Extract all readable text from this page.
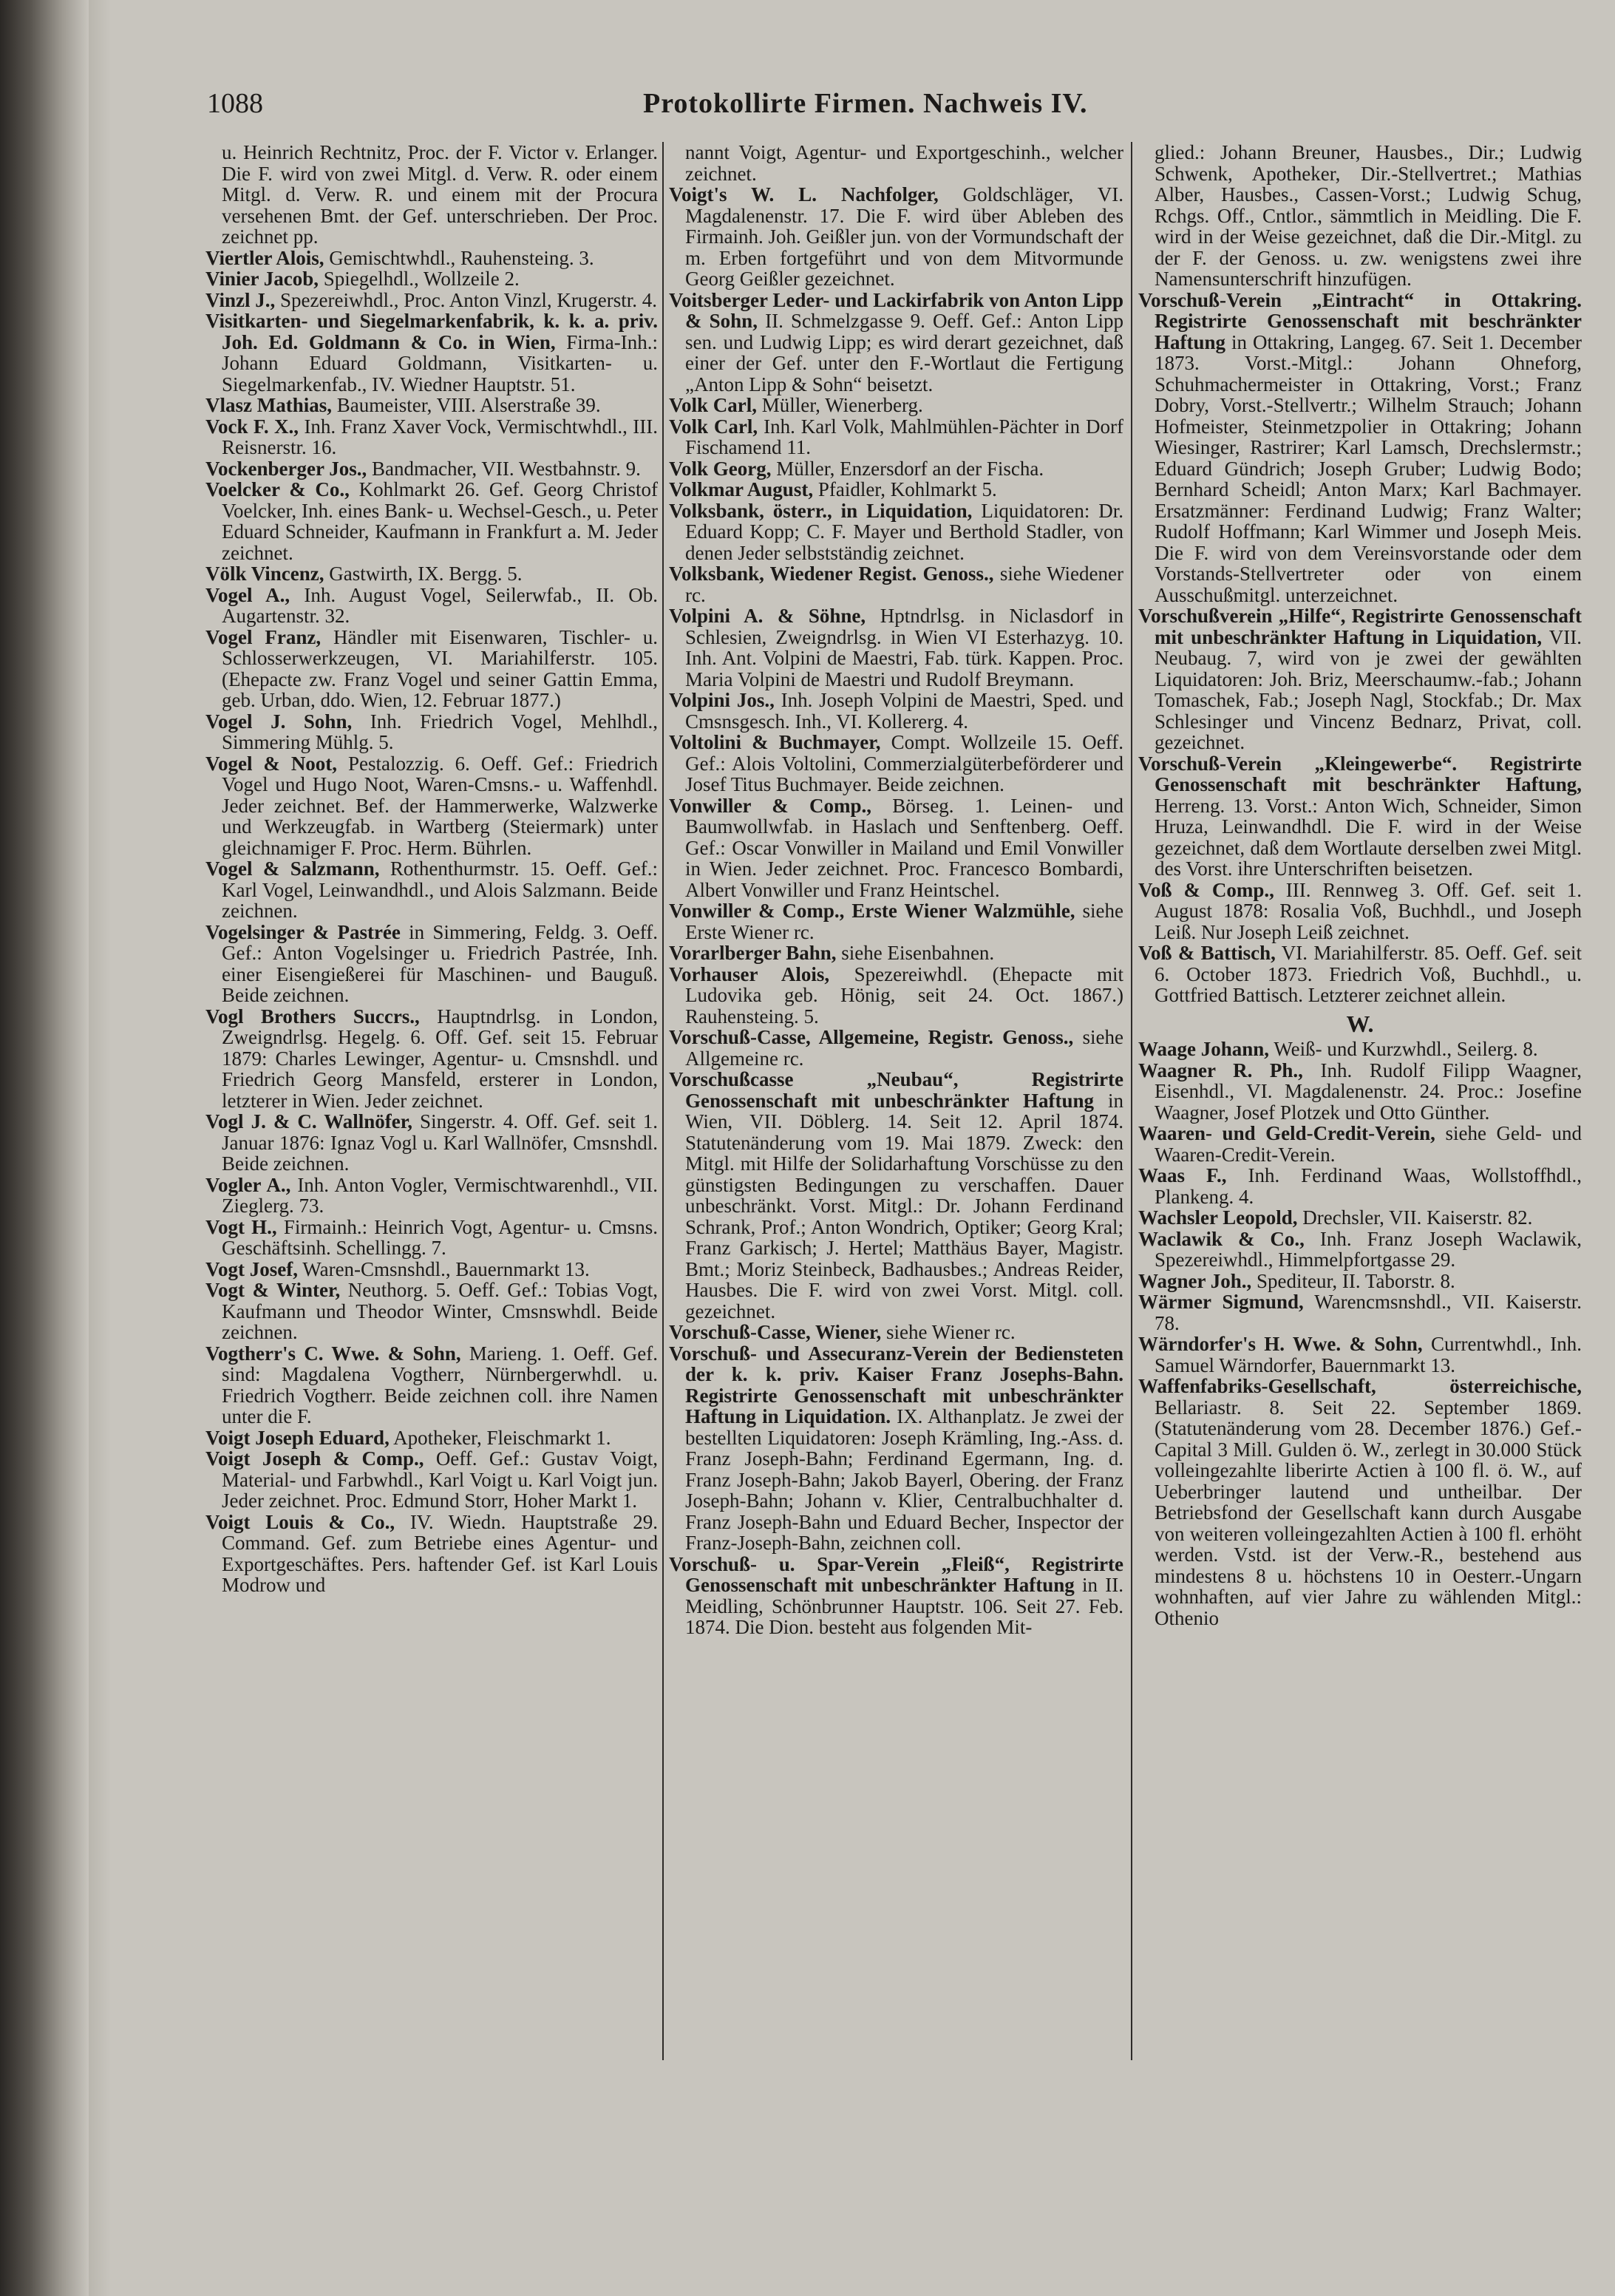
1088	Protokollirte Firmen. Nachweis IV.

u. Heinrich Rechtnitz, Proc. der F. Victor v. Erlanger. Die F. wird von zwei Mitgl. d. Verw. R. oder einem Mitgl. d. Verw. R. und einem mit der Procura versehenen Bmt. der Gef. unterschrieben. Der Proc. zeichnet pp.

Viertler Alois, Gemischtwhdl., Rauhensteing. 3.

Vinier Jacob, Spiegelhdl., Wollzeile 2.

Vinzl J., Spezereiwhdl., Proc. Anton Vinzl, Krugerstr. 4.

Visitkarten- und Siegelmarkenfabrik, k. k. a. priv. Joh. Ed. Goldmann & Co. in Wien, Firma-Inh.: Johann Eduard Goldmann, Visitkarten- u. Siegelmarkenfab., IV. Wiedner Hauptstr. 51.

Vlasz Mathias, Baumeister, VIII. Alserstraße 39.

Vock F. X., Inh. Franz Xaver Vock, Vermischtwhdl., III. Reisnerstr. 16.

Vockenberger Jos., Bandmacher, VII. Westbahnstr. 9.

Voelcker & Co., Kohlmarkt 26. Gef. Georg Christof Voelcker, Inh. eines Bank- u. Wechsel-Gesch., u. Peter Eduard Schneider, Kaufmann in Frankfurt a. M. Jeder zeichnet.

Völk Vincenz, Gastwirth, IX. Bergg. 5.

Vogel A., Inh. August Vogel, Seilerwfab., II. Ob. Augartenstr. 32.

Vogel Franz, Händler mit Eisenwaren, Tischler- u. Schlosserwerkzeugen, VI. Mariahilferstr. 105. (Ehepacte zw. Franz Vogel und seiner Gattin Emma, geb. Urban, ddo. Wien, 12. Februar 1877.)

Vogel J. Sohn, Inh. Friedrich Vogel, Mehlhdl., Simmering Mühlg. 5.

Vogel & Noot, Pestalozzig. 6. Oeff. Gef.: Friedrich Vogel und Hugo Noot, Waren-Cmsns.- u. Waffenhdl. Jeder zeichnet. Bef. der Hammerwerke, Walzwerke und Werkzeugfab. in Wartberg (Steiermark) unter gleichnamiger F. Proc. Herm. Bührlen.

Vogel & Salzmann, Rothenthurmstr. 15. Oeff. Gef.: Karl Vogel, Leinwandhdl., und Alois Salzmann. Beide zeichnen.

Vogelsinger & Pastrée in Simmering, Feldg. 3. Oeff. Gef.: Anton Vogelsinger u. Friedrich Pastrée, Inh. einer Eisengießerei für Maschinen- und Bauguß. Beide zeichnen.

Vogl Brothers Succrs., Hauptndrlsg. in London, Zweigndrlsg. Hegelg. 6. Off. Gef. seit 15. Februar 1879: Charles Lewinger, Agentur- u. Cmsnshdl. und Friedrich Georg Mansfeld, ersterer in London, letzterer in Wien. Jeder zeichnet.

Vogl J. & C. Wallnöfer, Singerstr. 4. Off. Gef. seit 1. Januar 1876: Ignaz Vogl u. Karl Wallnöfer, Cmsnshdl. Beide zeichnen.

Vogler A., Inh. Anton Vogler, Vermischtwarenhdl., VII. Zieglerg. 73.

Vogt H., Firmainh.: Heinrich Vogt, Agentur- u. Cmsns. Geschäftsinh. Schellingg. 7.

Vogt Josef, Waren-Cmsnshdl., Bauernmarkt 13.

Vogt & Winter, Neuthorg. 5. Oeff. Gef.: Tobias Vogt, Kaufmann und Theodor Winter, Cmsnswhdl. Beide zeichnen.

Vogtherr's C. Wwe. & Sohn, Marieng. 1. Oeff. Gef. sind: Magdalena Vogtherr, Nürnbergerwhdl. u. Friedrich Vogtherr. Beide zeichnen coll. ihre Namen unter die F.

Voigt Joseph Eduard, Apotheker, Fleischmarkt 1.

Voigt Joseph & Comp., Oeff. Gef.: Gustav Voigt, Material- und Farbwhdl., Karl Voigt u. Karl Voigt jun. Jeder zeichnet. Proc. Edmund Storr, Hoher Markt 1.

Voigt Louis & Co., IV. Wiedn. Hauptstraße 29. Command. Gef. zum Betriebe eines Agentur- und Exportgeschäftes. Pers. haftender Gef. ist Karl Louis Modrow und

nannt Voigt, Agentur- und Exportgeschinh., welcher zeichnet.

Voigt's W. L. Nachfolger, Goldschläger, VI. Magdalenenstr. 17. Die F. wird über Ableben des Firmainh. Joh. Geißler jun. von der Vormundschaft der m. Erben fortgeführt und von dem Mitvormunde Georg Geißler gezeichnet.

Voitsberger Leder- und Lackirfabrik von Anton Lipp & Sohn, II. Schmelzgasse 9. Oeff. Gef.: Anton Lipp sen. und Ludwig Lipp; es wird derart gezeichnet, daß einer der Gef. unter den F.-Wortlaut die Fertigung „Anton Lipp & Sohn“ beisetzt.

Volk Carl, Müller, Wienerberg.

Volk Carl, Inh. Karl Volk, Mahlmühlen-Pächter in Dorf Fischamend 11.

Volk Georg, Müller, Enzersdorf an der Fischa.

Volkmar August, Pfaidler, Kohlmarkt 5.

Volksbank, österr., in Liquidation, Liquidatoren: Dr. Eduard Kopp; C. F. Mayer und Berthold Stadler, von denen Jeder selbstständig zeichnet.

Volksbank, Wiedener Regist. Genoss., siehe Wiedener rc.

Volpini A. & Söhne, Hptndrlsg. in Niclasdorf in Schlesien, Zweigndrlsg. in Wien VI Esterhazyg. 10. Inh. Ant. Volpini de Maestri, Fab. türk. Kappen. Proc. Maria Volpini de Maestri und Rudolf Breymann.

Volpini Jos., Inh. Joseph Volpini de Maestri, Sped. und Cmsnsgesch. Inh., VI. Kollererg. 4.

Voltolini & Buchmayer, Compt. Wollzeile 15. Oeff. Gef.: Alois Voltolini, Commerzialgüterbeförderer und Josef Titus Buchmayer. Beide zeichnen.

Vonwiller & Comp., Börseg. 1. Leinen- und Baumwollwfab. in Haslach und Senftenberg. Oeff. Gef.: Oscar Vonwiller in Mailand und Emil Vonwiller in Wien. Jeder zeichnet. Proc. Francesco Bombardi, Albert Vonwiller und Franz Heintschel.

Vonwiller & Comp., Erste Wiener Walzmühle, siehe Erste Wiener rc.

Vorarlberger Bahn, siehe Eisenbahnen.

Vorhauser Alois, Spezereiwhdl. (Ehepacte mit Ludovika geb. Hönig, seit 24. Oct. 1867.) Rauhensteing. 5.

Vorschuß-Casse, Allgemeine, Registr. Genoss., siehe Allgemeine rc.

Vorschußcasse „Neubau“, Registrirte Genossenschaft mit unbeschränkter Haftung in Wien, VII. Döblerg. 14. Seit 12. April 1874. Statutenänderung vom 19. Mai 1879. Zweck: den Mitgl. mit Hilfe der Solidarhaftung Vorschüsse zu den günstigsten Bedingungen zu verschaffen. Dauer unbeschränkt. Vorst. Mitgl.: Dr. Johann Ferdinand Schrank, Prof.; Anton Wondrich, Optiker; Georg Kral; Franz Garkisch; J. Hertel; Matthäus Bayer, Magistr. Bmt.; Moriz Steinbeck, Badhausbes.; Andreas Reider, Hausbes. Die F. wird von zwei Vorst. Mitgl. coll. gezeichnet.

Vorschuß-Casse, Wiener, siehe Wiener rc.

Vorschuß- und Assecuranz-Verein der Bediensteten der k. k. priv. Kaiser Franz Josephs-Bahn. Registrirte Genossenschaft mit unbeschränkter Haftung in Liquidation. IX. Althanplatz. Je zwei der bestellten Liquidatoren: Joseph Krämling, Ing.-Ass. d. Franz Joseph-Bahn; Ferdinand Egermann, Ing. d. Franz Joseph-Bahn; Jakob Bayerl, Obering. der Franz Joseph-Bahn; Johann v. Klier, Centralbuchhalter d. Franz Joseph-Bahn und Eduard Becher, Inspector der Franz-Joseph-Bahn, zeichnen coll.

Vorschuß- u. Spar-Verein „Fleiß“, Registrirte Genossenschaft mit unbeschränkter Haftung in II. Meidling, Schönbrunner Hauptstr. 106. Seit 27. Feb. 1874. Die Dion. besteht aus folgenden Mit-

glied.: Johann Breuner, Hausbes., Dir.; Ludwig Schwenk, Apotheker, Dir.-Stellvertret.; Mathias Alber, Hausbes., Cassen-Vorst.; Ludwig Schug, Rchgs. Off., Cntlor., sämmtlich in Meidling. Die F. wird in der Weise gezeichnet, daß die Dir.-Mitgl. zu der F. der Genoss. u. zw. wenigstens zwei ihre Namensunterschrift hinzufügen.

Vorschuß-Verein „Eintracht“ in Ottakring. Registrirte Genossenschaft mit beschränkter Haftung in Ottakring, Langeg. 67. Seit 1. December 1873. Vorst.-Mitgl.: Johann Ohneforg, Schuhmachermeister in Ottakring, Vorst.; Franz Dobry, Vorst.-Stellvertr.; Wilhelm Strauch; Johann Hofmeister, Steinmetzpolier in Ottakring; Johann Wiesinger, Rastrirer; Karl Lamsch, Drechslermstr.; Eduard Gündrich; Joseph Gruber; Ludwig Bodo; Bernhard Scheidl; Anton Marx; Karl Bachmayer. Ersatzmänner: Ferdinand Ludwig; Franz Walter; Rudolf Hoffmann; Karl Wimmer und Joseph Meis. Die F. wird von dem Vereinsvorstande oder dem Vorstands-Stellvertreter oder von einem Ausschußmitgl. unterzeichnet.

Vorschußverein „Hilfe“, Registrirte Genossenschaft mit unbeschränkter Haftung in Liquidation, VII. Neubaug. 7, wird von je zwei der gewählten Liquidatoren: Joh. Briz, Meerschaumw.-fab.; Johann Tomaschek, Fab.; Joseph Nagl, Stockfab.; Dr. Max Schlesinger und Vincenz Bednarz, Privat, coll. gezeichnet.

Vorschuß-Verein „Kleingewerbe“. Registrirte Genossenschaft mit beschränkter Haftung, Herreng. 13. Vorst.: Anton Wich, Schneider, Simon Hruza, Leinwandhdl. Die F. wird in der Weise gezeichnet, daß dem Wortlaute derselben zwei Mitgl. des Vorst. ihre Unterschriften beisetzen.

Voß & Comp., III. Rennweg 3. Off. Gef. seit 1. August 1878: Rosalia Voß, Buchhdl., und Joseph Leiß. Nur Joseph Leiß zeichnet.

Voß & Battisch, VI. Mariahilferstr. 85. Oeff. Gef. seit 6. October 1873. Friedrich Voß, Buchhdl., u. Gottfried Battisch. Letzterer zeichnet allein.

W.

Waage Johann, Weiß- und Kurzwhdl., Seilerg. 8.

Waagner R. Ph., Inh. Rudolf Filipp Waagner, Eisenhdl., VI. Magdalenenstr. 24. Proc.: Josefine Waagner, Josef Plotzek und Otto Günther.

Waaren- und Geld-Credit-Verein, siehe Geld- und Waaren-Credit-Verein.

Waas F., Inh. Ferdinand Waas, Wollstoffhdl., Plankeng. 4.

Wachsler Leopold, Drechsler, VII. Kaiserstr. 82.

Waclawik & Co., Inh. Franz Joseph Waclawik, Spezereiwhdl., Himmelpfortgasse 29.

Wagner Joh., Spediteur, II. Taborstr. 8.

Wärmer Sigmund, Warencmsnshdl., VII. Kaiserstr. 78.

Wärndorfer's H. Wwe. & Sohn, Currentwhdl., Inh. Samuel Wärndorfer, Bauernmarkt 13.

Waffenfabriks-Gesellschaft, österreichische, Bellariastr. 8. Seit 22. September 1869. (Statutenänderung vom 28. December 1876.) Gef.-Capital 3 Mill. Gulden ö. W., zerlegt in 30.000 Stück volleingezahlte liberirte Actien à 100 fl. ö. W., auf Ueberbringer lautend und untheilbar. Der Betriebsfond der Gesellschaft kann durch Ausgabe von weiteren volleingezahlten Actien à 100 fl. erhöht werden. Vstd. ist der Verw.-R., bestehend aus mindestens 8 u. höchstens 10 in Oesterr.-Ungarn wohnhaften, auf vier Jahre zu wählenden Mitgl.: Othenio
